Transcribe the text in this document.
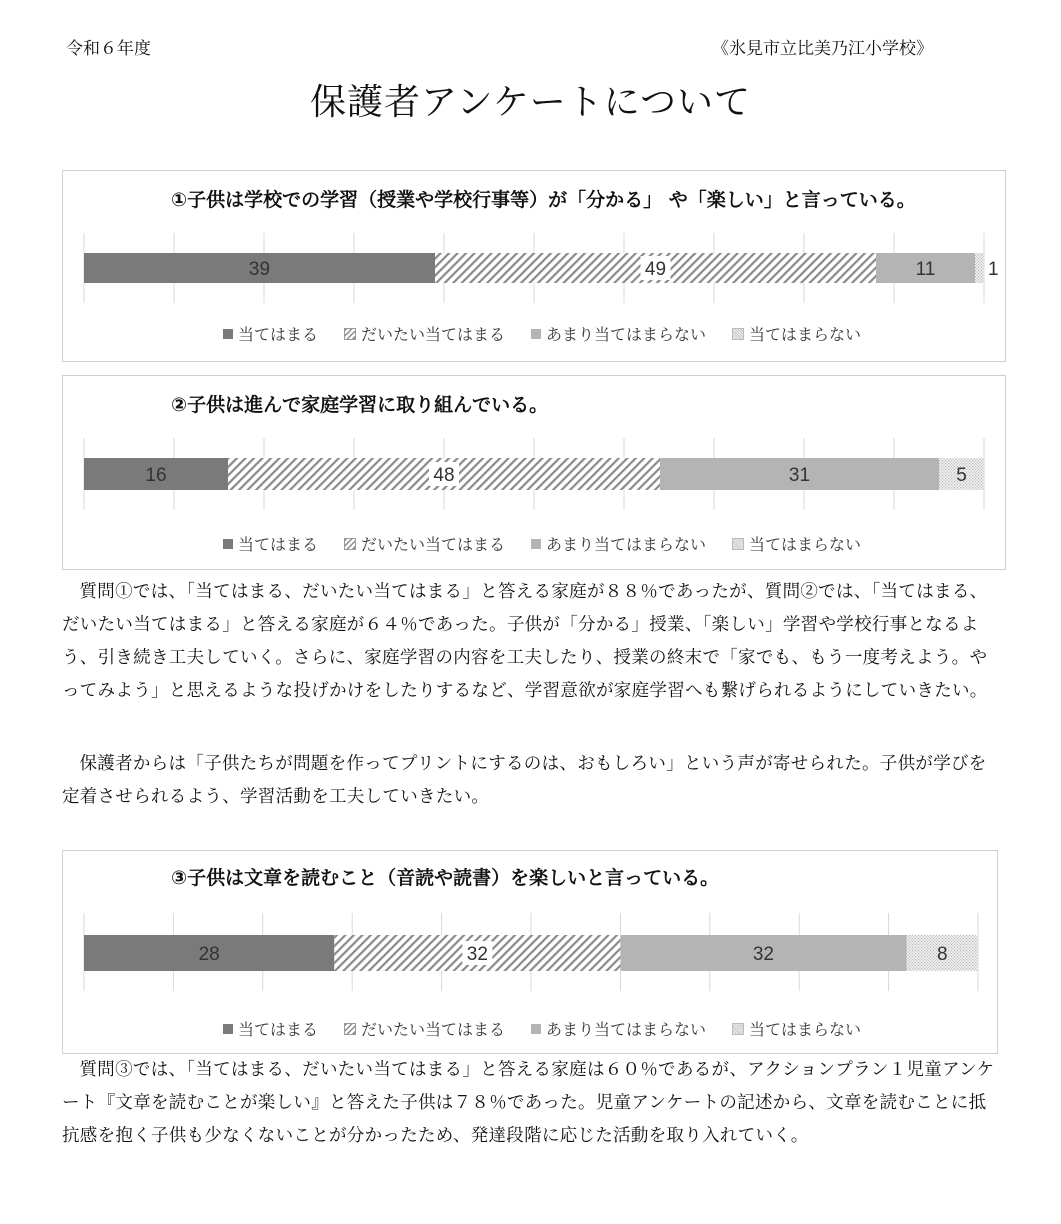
令和６年度	《氷見市立比美乃江小学校》
保護者アンケートについて
①子供は学校での学習（授業や学校行事等）が「分かる」 や「楽しい」と言っている。
39	49	11	1
当てはまる	だいたい当てはまる	あまり当てはまらない	当てはまらない
②子供は進んで家庭学習に取り組んでいる。
16	48	31	5
当てはまる	だいたい当てはまる	あまり当てはまらない	当てはまらない

質問①では、「当てはまる、だいたい当てはまる」と答える家庭が８８％であったが、質問②では、「当てはまる、だいたい当てはまる」と答える家庭が６４％であった。子供が「分かる」授業、「楽しい」学習や学校行事となるよう、引き続き工夫していく。さらに、家庭学習の内容を工夫したり、授業の終末で「家でも、もう一度考えよう。やってみよう」と思えるような投げかけをしたりするなど、学習意欲が家庭学習へも繋げられるようにしていきたい。

保護者からは「子供たちが問題を作ってプリントにするのは、おもしろい」という声が寄せられた。子供が学びを定着させられるよう、学習活動を工夫していきたい。

③子供は文章を読むこと（音読や読書）を楽しいと言っている。
28	32	32	8
当てはまる	だいたい当てはまる	あまり当てはまらない	当てはまらない

質問③では、「当てはまる、だいたい当てはまる」と答える家庭は６０％であるが、アクションプラン１児童アンケート『文章を読むことが楽しい』と答えた子供は７８％であった。児童アンケートの記述から、文章を読むことに抵抗感を抱く子供も少なくないことが分かったため、発達段階に応じた活動を取り入れていく。
